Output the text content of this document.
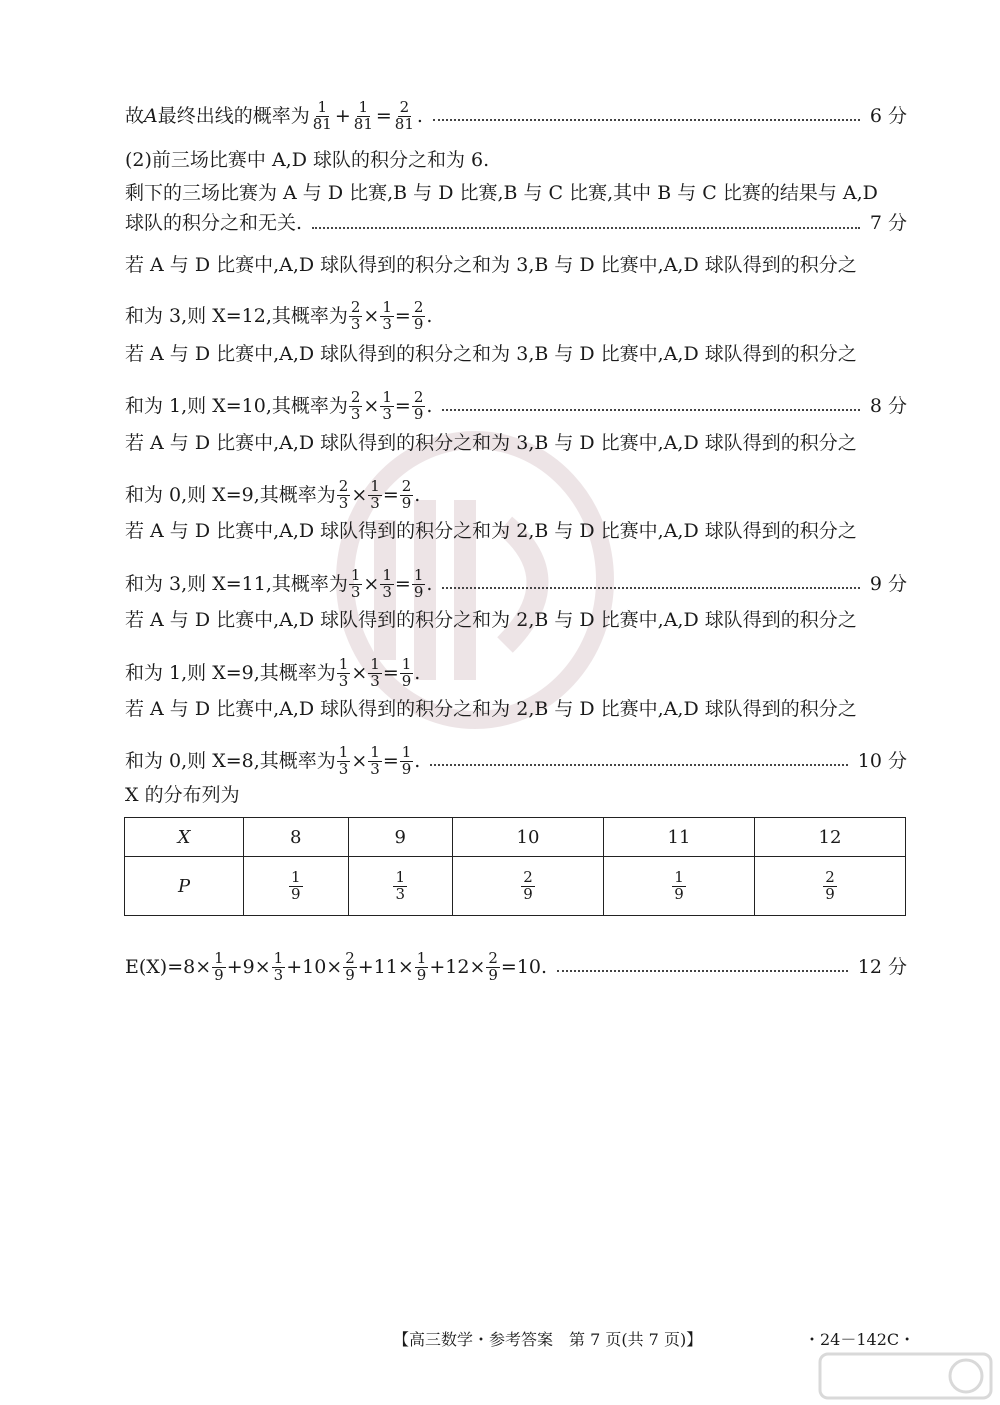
故 A 最终出线的概率为 $\frac{1}{81} + \frac{1}{81} = \frac{2}{81}$ .	6 分
(2)前三场比赛中 A,D 球队的积分之和为 6.
剩下的三场比赛为 A 与 D 比赛,B 与 D 比赛,B 与 C 比赛,其中 B 与 C 比赛的结果与 A,D
球队的积分之和无关.	7 分
若 A 与 D 比赛中,A,D 球队得到的积分之和为 3,B 与 D 比赛中,A,D 球队得到的积分之
和为 3,则 X=12,其概率为 $\frac{2}{3} \times \frac{1}{3} = \frac{2}{9}$ .
若 A 与 D 比赛中,A,D 球队得到的积分之和为 3,B 与 D 比赛中,A,D 球队得到的积分之
和为 1,则 X=10,其概率为 $\frac{2}{3} \times \frac{1}{3} = \frac{2}{9}$ .	8 分
若 A 与 D 比赛中,A,D 球队得到的积分之和为 3,B 与 D 比赛中,A,D 球队得到的积分之
和为 0,则 X=9,其概率为 $\frac{2}{3} \times \frac{1}{3} = \frac{2}{9}$ .
若 A 与 D 比赛中,A,D 球队得到的积分之和为 2,B 与 D 比赛中,A,D 球队得到的积分之
和为 3,则 X=11,其概率为 $\frac{1}{3} \times \frac{1}{3} = \frac{1}{9}$ .	9 分
若 A 与 D 比赛中,A,D 球队得到的积分之和为 2,B 与 D 比赛中,A,D 球队得到的积分之
和为 1,则 X=9,其概率为 $\frac{1}{3} \times \frac{1}{3} = \frac{1}{9}$ .
若 A 与 D 比赛中,A,D 球队得到的积分之和为 2,B 与 D 比赛中,A,D 球队得到的积分之
和为 0,则 X=8,其概率为 $\frac{1}{3} \times \frac{1}{3} = \frac{1}{9}$ .	10 分
X 的分布列为
X	8	9	10	11	12
P	$\frac{1}{9}$	$\frac{1}{3}$	$\frac{2}{9}$	$\frac{1}{9}$	$\frac{2}{9}$
$E(X)=8\times \frac{1}{9} +9\times \frac{1}{3} +10\times \frac{2}{9} +11\times \frac{1}{9} +12\times \frac{2}{9} =10$.	12 分
【高三数学・参考答案　第 7 页(共 7 页)】	・24－142C・
